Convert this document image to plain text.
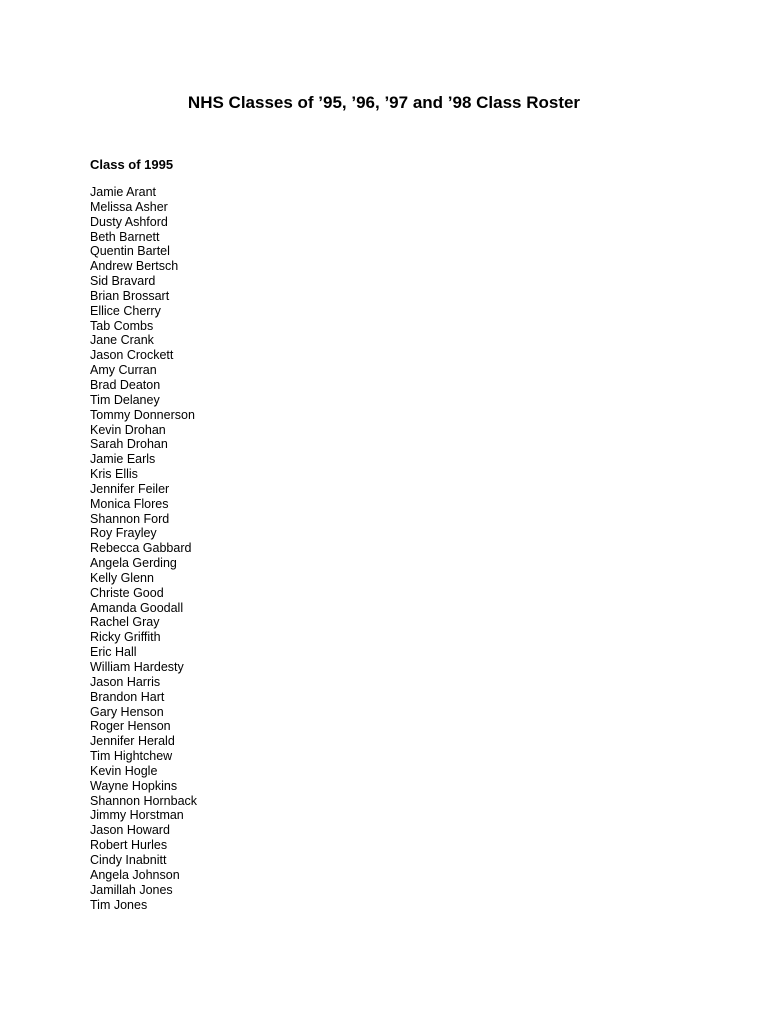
NHS Classes of ’95, ’96, ’97 and ’98 Class Roster
Class of 1995
Jamie Arant
Melissa Asher
Dusty Ashford
Beth Barnett
Quentin Bartel
Andrew Bertsch
Sid Bravard
Brian Brossart
Ellice Cherry
Tab Combs
Jane Crank
Jason Crockett
Amy Curran
Brad Deaton
Tim Delaney
Tommy Donnerson
Kevin Drohan
Sarah Drohan
Jamie Earls
Kris Ellis
Jennifer Feiler
Monica Flores
Shannon Ford
Roy Frayley
Rebecca Gabbard
Angela Gerding
Kelly Glenn
Christe Good
Amanda Goodall
Rachel Gray
Ricky Griffith
Eric Hall
William Hardesty
Jason Harris
Brandon Hart
Gary Henson
Roger Henson
Jennifer Herald
Tim Hightchew
Kevin Hogle
Wayne Hopkins
Shannon Hornback
Jimmy Horstman
Jason Howard
Robert Hurles
Cindy Inabnitt
Angela Johnson
Jamillah Jones
Tim Jones
